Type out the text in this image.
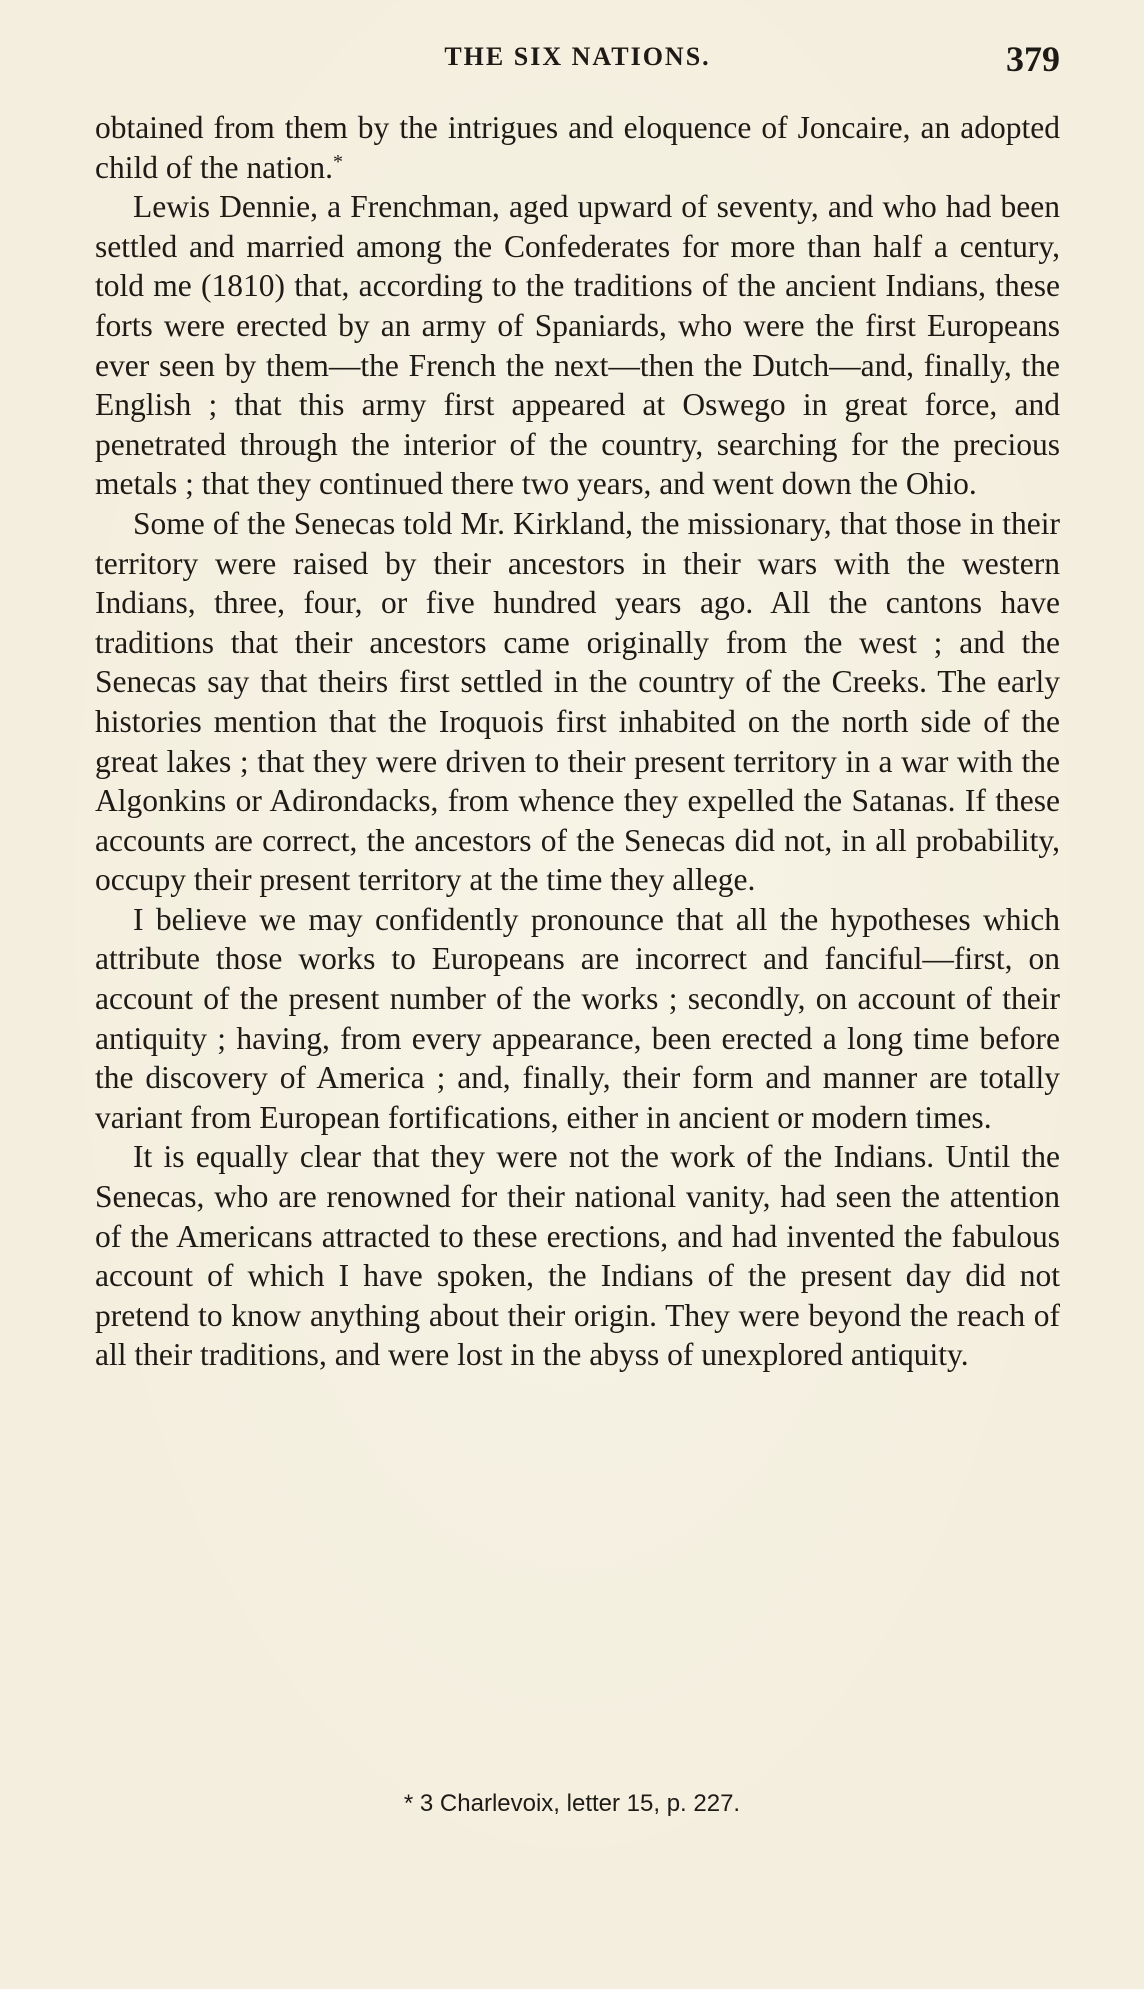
THE SIX NATIONS.	379

obtained from them by the intrigues and eloquence of Joncaire, an adopted child of the nation.*

Lewis Dennie, a Frenchman, aged upward of seventy, and who had been settled and married among the Confederates for more than half a century, told me (1810) that, according to the traditions of the ancient Indians, these forts were erected by an army of Spaniards, who were the first Europeans ever seen by them—the French the next—then the Dutch—and, finally, the English ; that this army first appeared at Oswego in great force, and penetrated through the interior of the country, searching for the precious metals ; that they continued there two years, and went down the Ohio.

Some of the Senecas told Mr. Kirkland, the missionary, that those in their territory were raised by their ancestors in their wars with the western Indians, three, four, or five hundred years ago. All the cantons have traditions that their ancestors came originally from the west ; and the Senecas say that theirs first settled in the country of the Creeks. The early histories mention that the Iroquois first inhabited on the north side of the great lakes ; that they were driven to their present territory in a war with the Algonkins or Adirondacks, from whence they expelled the Satanas. If these accounts are correct, the ancestors of the Senecas did not, in all probability, occupy their present territory at the time they allege.

I believe we may confidently pronounce that all the hypotheses which attribute those works to Europeans are incorrect and fanciful—first, on account of the present number of the works ; secondly, on account of their antiquity ; having, from every appearance, been erected a long time before the discovery of America ; and, finally, their form and manner are totally variant from European fortifications, either in ancient or modern times.

It is equally clear that they were not the work of the Indians. Until the Senecas, who are renowned for their national vanity, had seen the attention of the Americans attracted to these erections, and had invented the fabulous account of which I have spoken, the Indians of the present day did not pretend to know anything about their origin. They were beyond the reach of all their traditions, and were lost in the abyss of unexplored antiquity.

* 3 Charlevoix, letter 15, p. 227.
